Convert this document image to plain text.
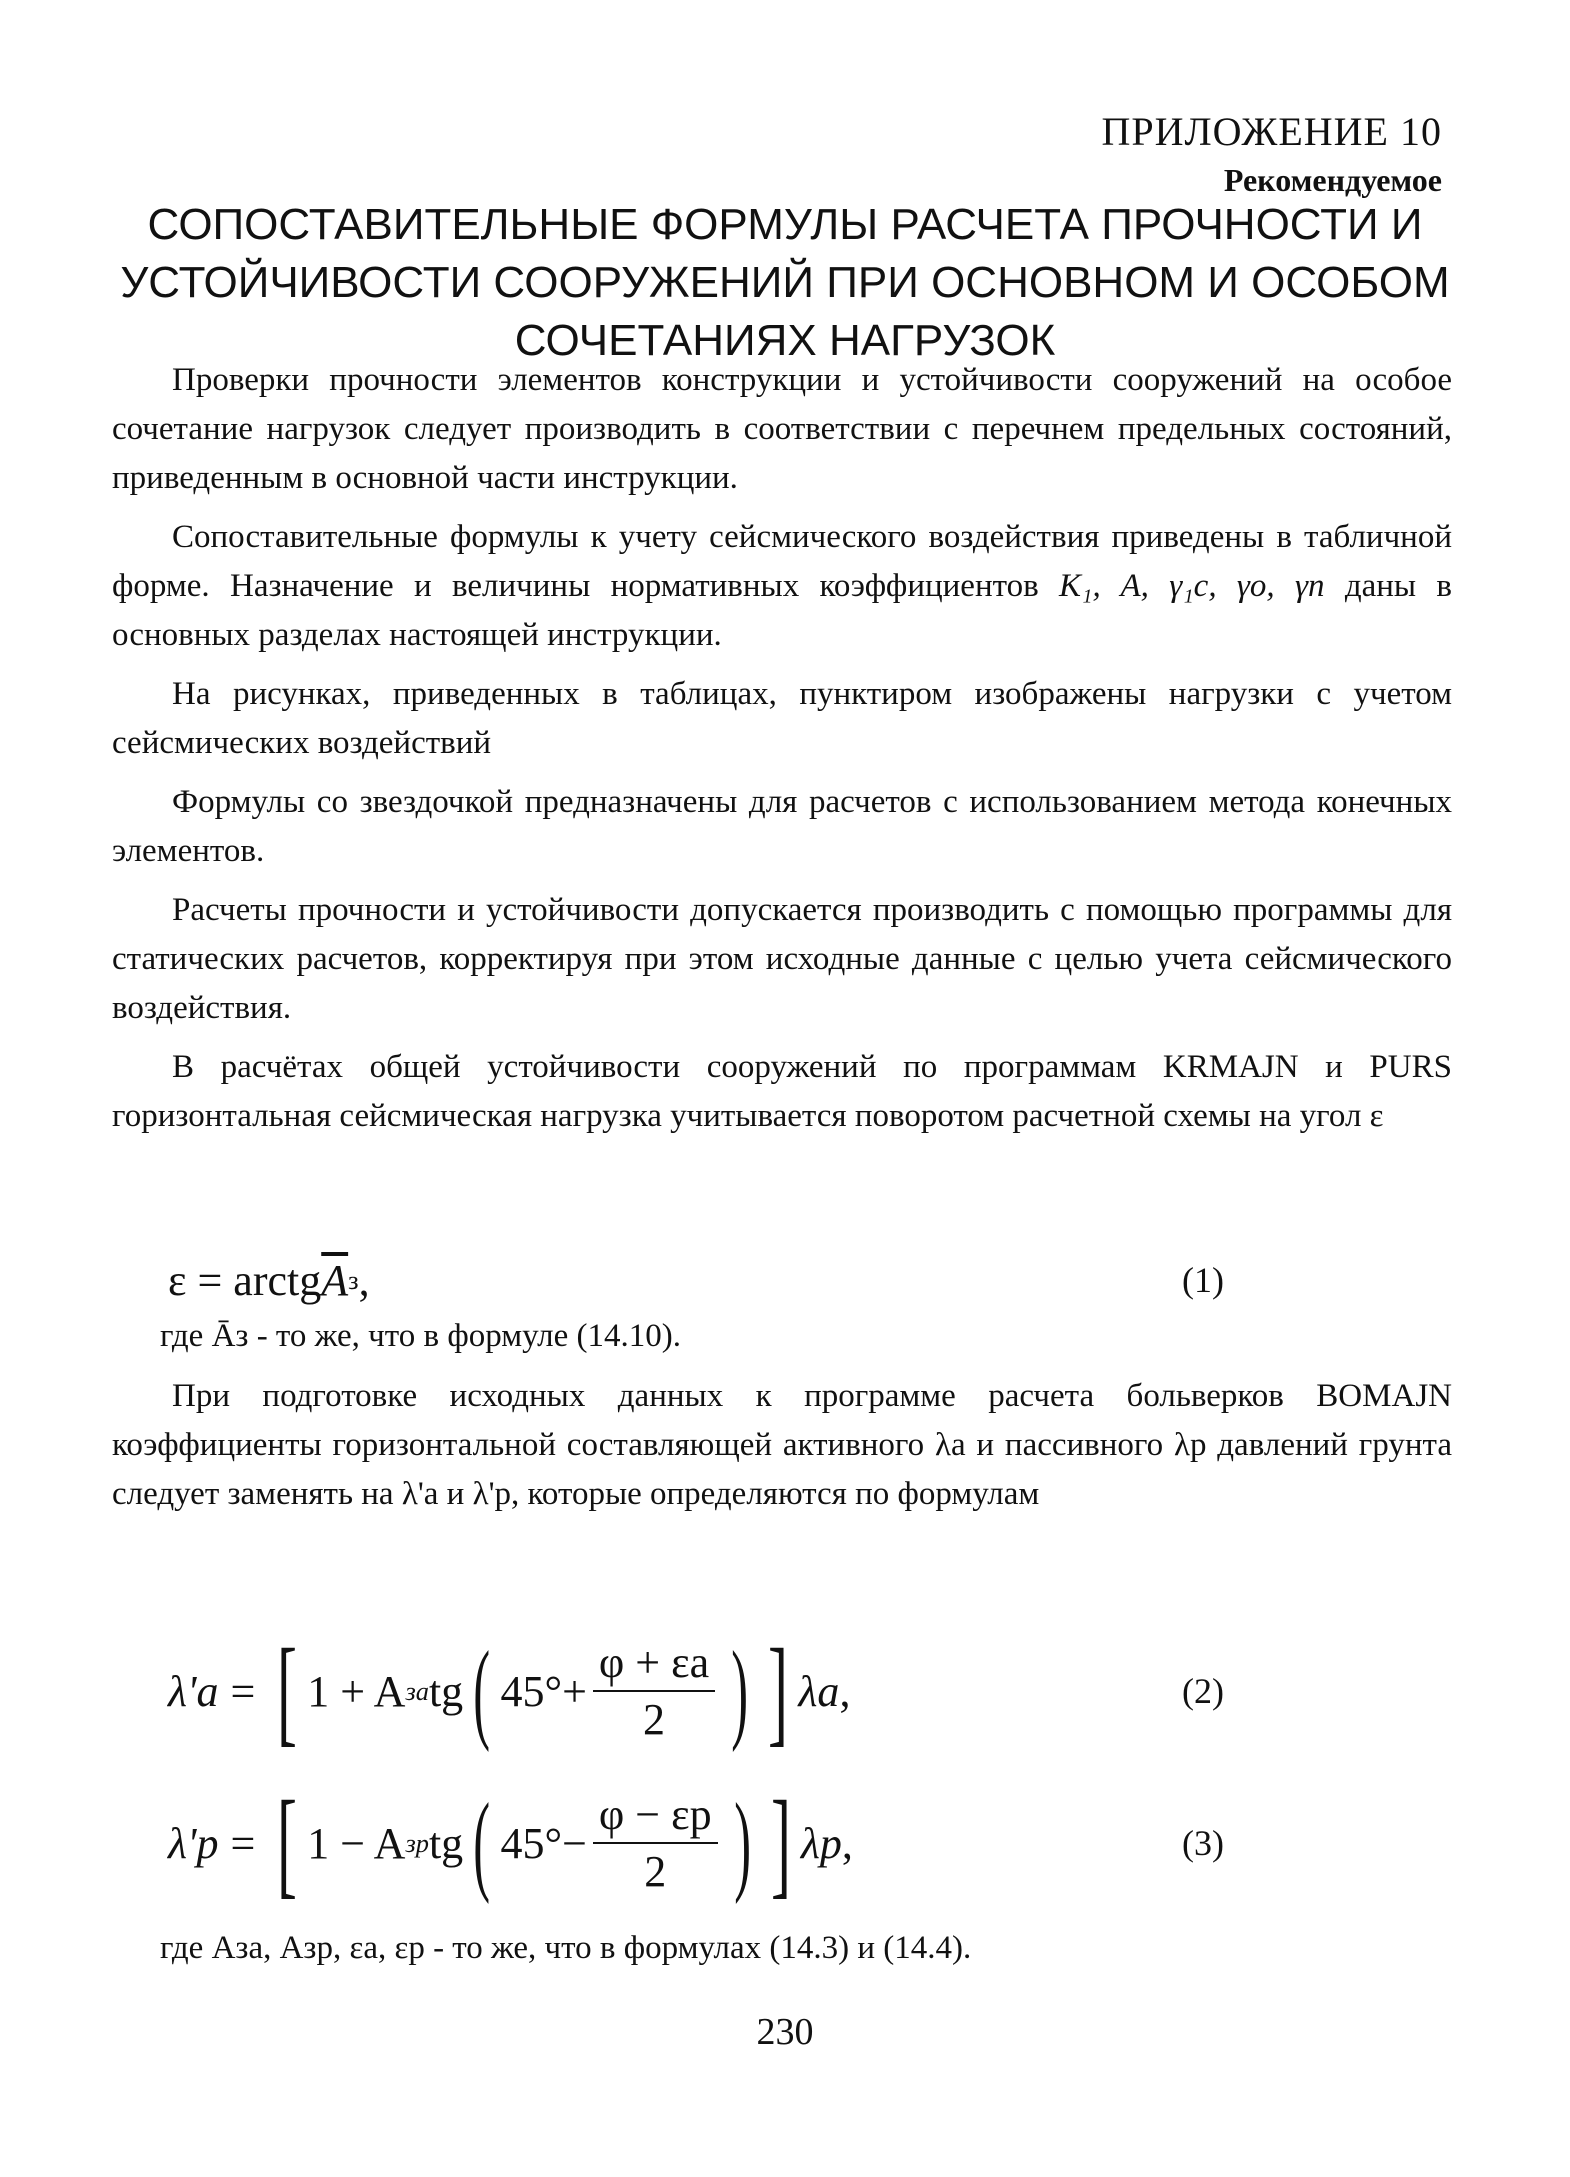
ПРИЛОЖЕНИЕ 10
Рекомендуемое
СОПОСТАВИТЕЛЬНЫЕ ФОРМУЛЫ РАСЧЕТА ПРОЧНОСТИ И
УСТОЙЧИВОСТИ СООРУЖЕНИЙ ПРИ ОСНОВНОМ И ОСОБОМ
СОЧЕТАНИЯХ НАГРУЗОК

Проверки прочности элементов конструкции и устойчивости сооружений на особое сочетание нагрузок следует производить в соответствии с перечнем предельных состояний, приведенным в основной части инструкции.

Сопоставительные формулы к учету сейсмического воздействия приведены в табличной форме. Назначение и величины нормативных коэффициентов K₁, A, γ₁с, γо, γn даны в основных разделах настоящей инструкции.

На рисунках, приведенных в таблицах, пунктиром изображены нагрузки с учетом сейсмических воздействий

Формулы со звездочкой предназначены для расчетов с использованием метода конечных элементов.

Расчеты прочности и устойчивости допускается производить с помощью программы для статических расчетов, корректируя при этом исходные данные с целью учета сейсмического воздействия.

В расчётах общей устойчивости сооружений по программам KRMAJN и PURS горизонтальная сейсмическая нагрузка учитывается поворотом расчетной схемы на угол ε

ε = arctg $\overline{A}$ з ,	(1)
где Āз - то же, что в формуле (14.10).

При подготовке исходных данных к программе расчета больверков BOMAJN коэффициенты горизонтальной составляющей активного λa и пассивного λp давлений грунта следует заменять на λ'a и λ'p, которые определяются по формулам

λ'a = [ 1 + A за tg ( $45^\circ+ \frac{\varphi + \varepsilon a}{2}$ ) ] λa ,	(2)
λ'p = [ 1 − A зр tg ( $45^\circ- \frac{\varphi - \varepsilon p}{2}$ ) ] λp ,	(3)
где Aза, Aзр, εa, εp - то же, что в формулах (14.3) и (14.4).
230
